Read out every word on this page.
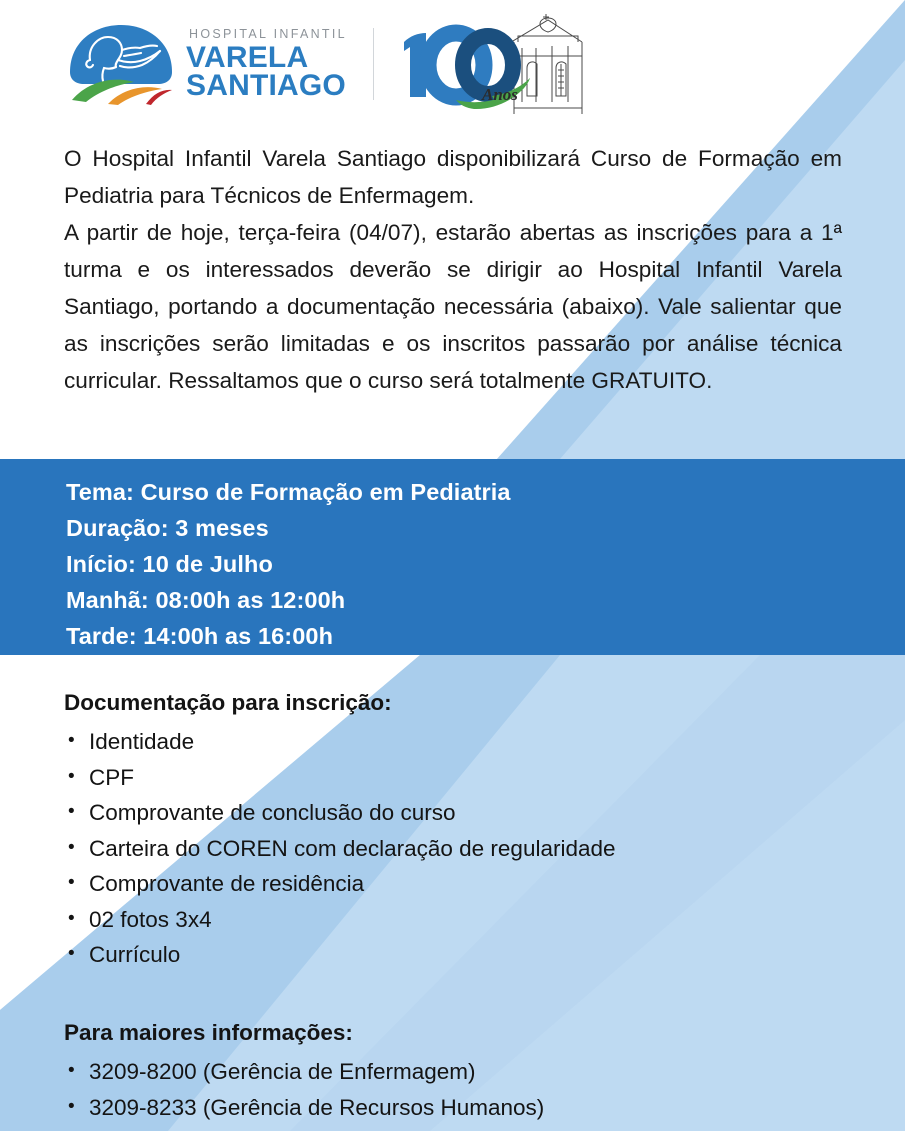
HOSPITAL INFANTIL
VARELA
SANTIAGO	Anos

O Hospital Infantil Varela Santiago disponibilizará Curso de Formação em Pediatria para Técnicos de Enfermagem.

A partir de hoje, terça-feira (04/07), estarão abertas as inscrições para a 1ª turma e os interessados deverão se dirigir ao Hospital Infantil Varela Santiago, portando a documentação necessária (abaixo). Vale salientar que as inscrições serão limitadas e os inscritos passarão por análise técnica curricular. Ressaltamos que o curso será totalmente GRATUITO.

Tema: Curso de Formação em Pediatria
Duração: 3 meses
Início: 10 de Julho
Manhã: 08:00h as 12:00h
Tarde: 14:00h as 16:00h
Documentação para inscrição:
• Identidade
• CPF
• Comprovante de conclusão do curso
• Carteira do COREN com declaração de regularidade
• Comprovante de residência
• 02 fotos 3x4
• Currículo
Para maiores informações:
• 3209-8200 (Gerência de Enfermagem)
• 3209-8233 (Gerência de Recursos Humanos)
